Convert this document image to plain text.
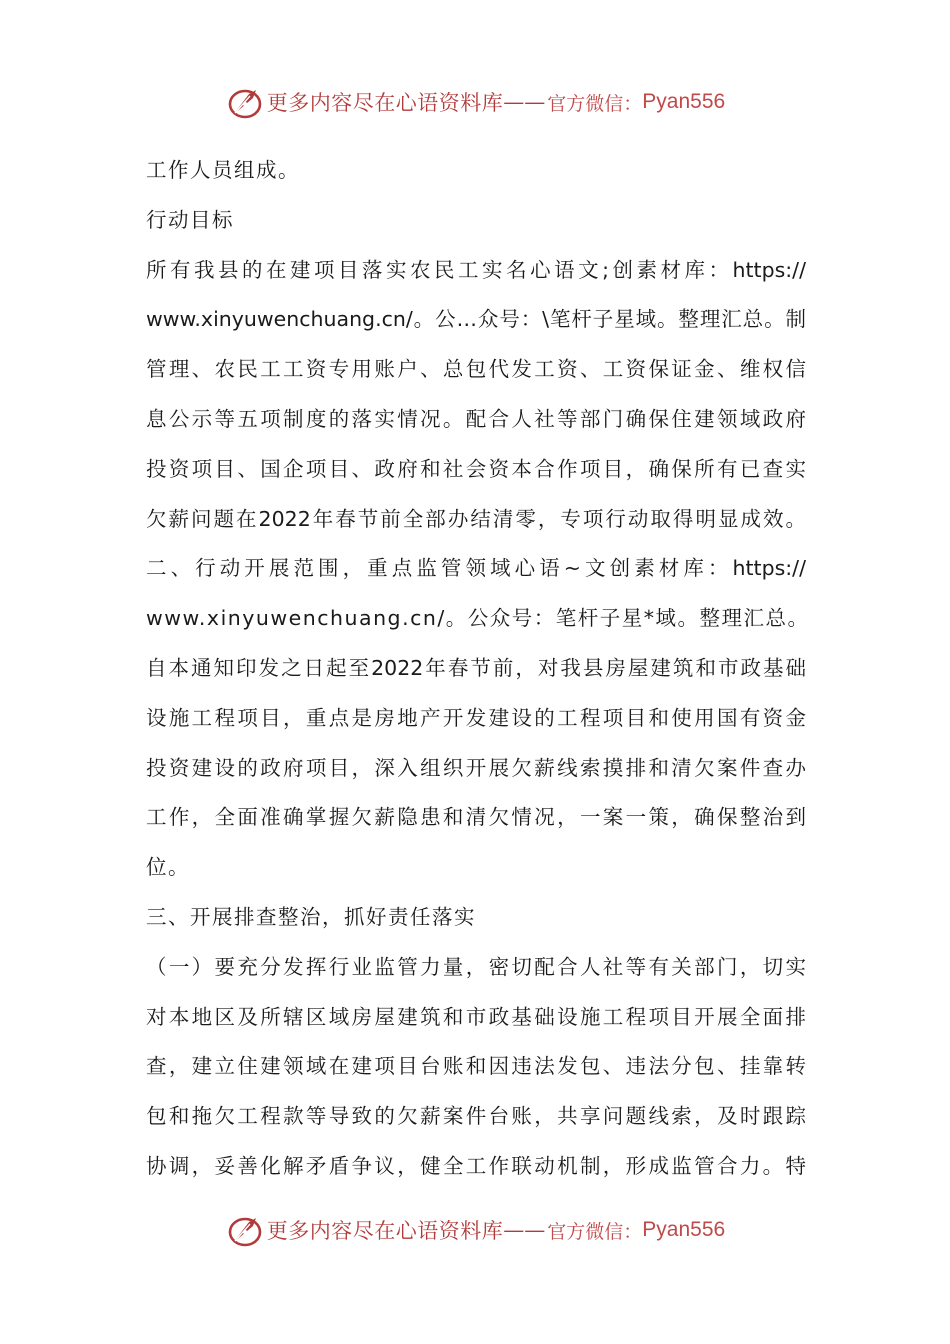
更多内容尽在心语资料库 —— 官方微信： Pyan556
工作人员组成。
行动目标
所有我县的在建项目落实农民工实名心语文;创素材库：https://
www.xinyuwenchuang.cn/。公…众号：\笔杆子星域。整理汇总。制
管理、农民工工资专用账户、总包代发工资、工资保证金、维权信
息公示等五项制度的落实情况。配合人社等部门确保住建领域政府
投资项目、国企项目、政府和社会资本合作项目，确保所有已查实
欠薪问题在2022年春节前全部办结清零，专项行动取得明显成效。
二、行动开展范围，重点监管领域心语~文创素材库：https://
www.xinyuwenchuang.cn/。公众号：笔杆子星*域。整理汇总。
自本通知印发之日起至2022年春节前，对我县房屋建筑和市政基础
设施工程项目，重点是房地产开发建设的工程项目和使用国有资金
投资建设的政府项目，深入组织开展欠薪线索摸排和清欠案件查办
工作，全面准确掌握欠薪隐患和清欠情况，一案一策，确保整治到
位。
三、开展排查整治，抓好责任落实
（一）要充分发挥行业监管力量，密切配合人社等有关部门，切实
对本地区及所辖区域房屋建筑和市政基础设施工程项目开展全面排
查，建立住建领域在建项目台账和因违法发包、违法分包、挂靠转
包和拖欠工程款等导致的欠薪案件台账，共享问题线索，及时跟踪
协调，妥善化解矛盾争议，健全工作联动机制，形成监管合力。特
更多内容尽在心语资料库 —— 官方微信： Pyan556
